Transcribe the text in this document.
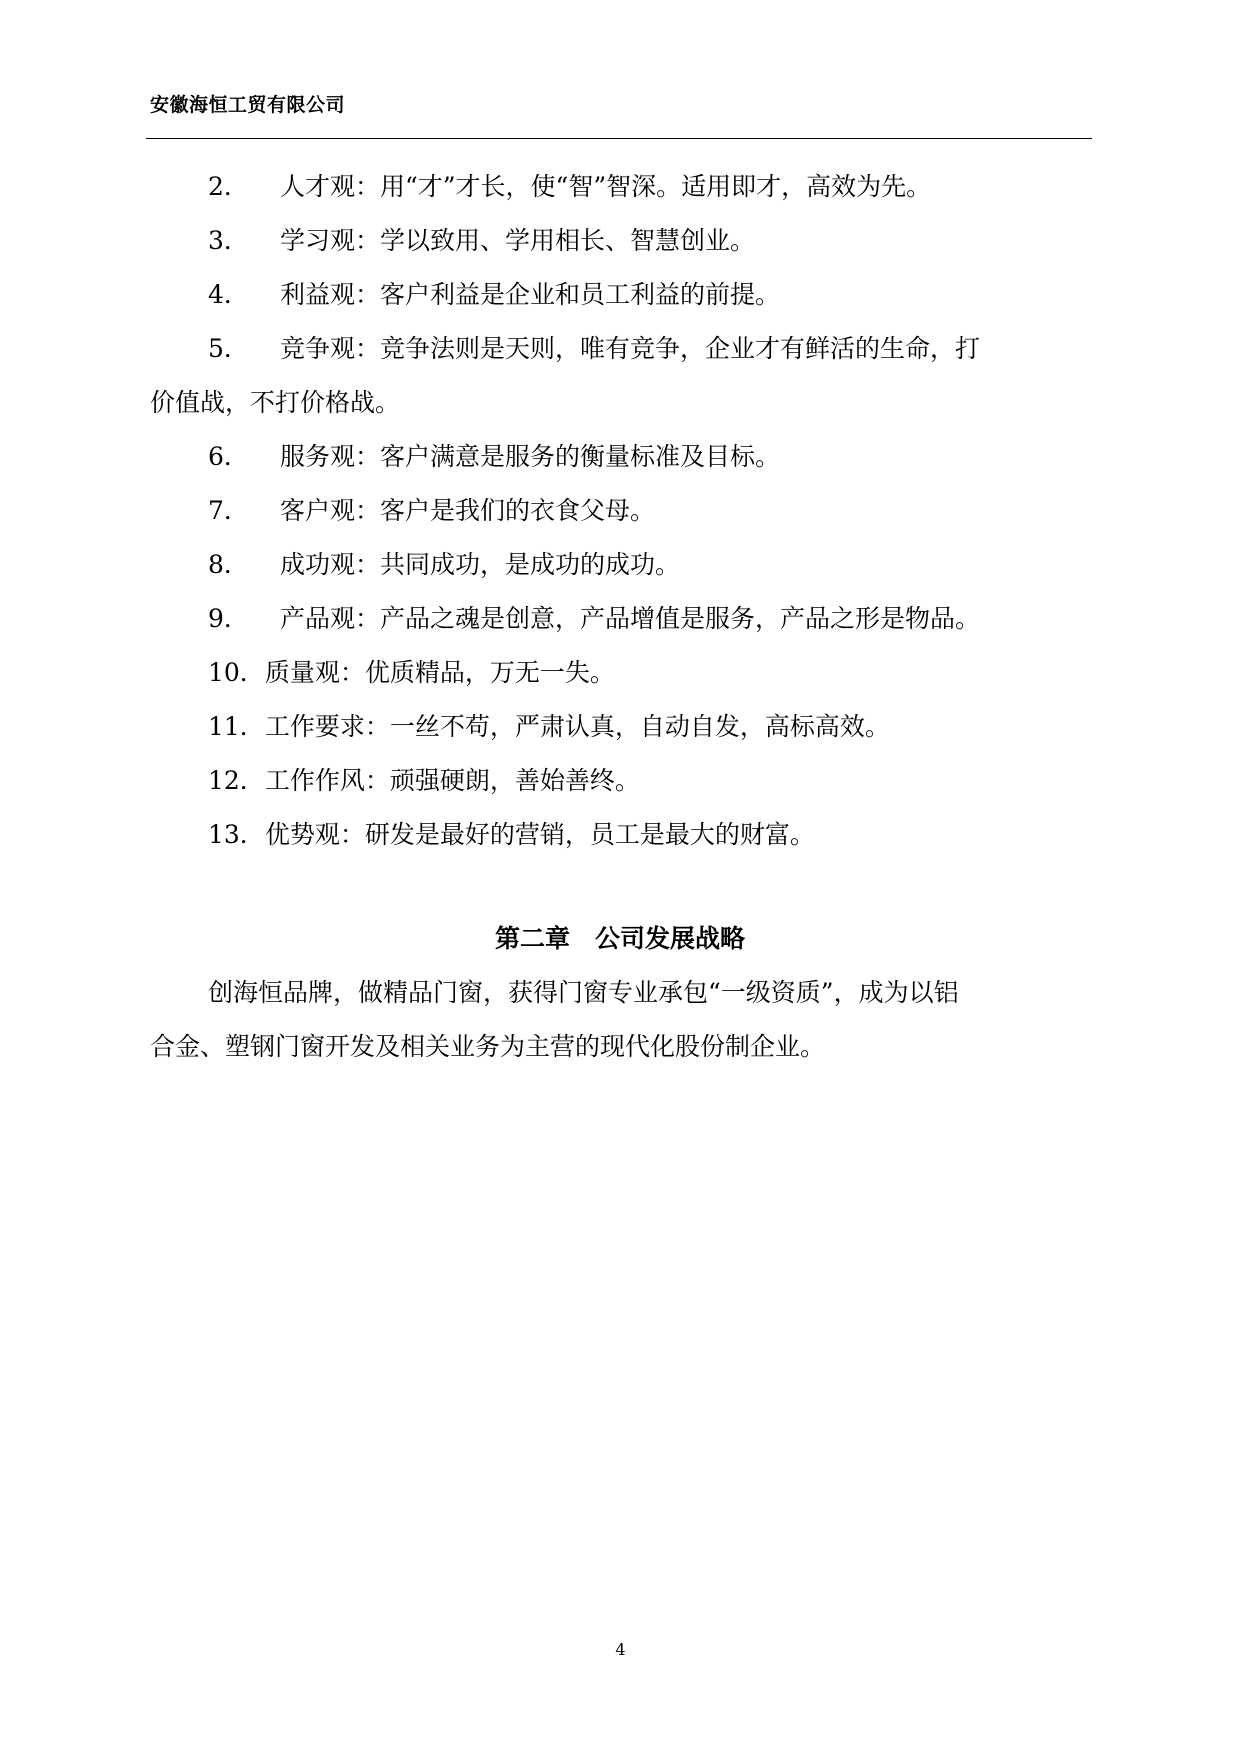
安徽海恒工贸有限公司
2． 人才观：用“才”才长，使“智”智深。适用即才，高效为先。
3． 学习观：学以致用、学用相长、智慧创业。
4． 利益观：客户利益是企业和员工利益的前提。
5． 竞争观：竞争法则是天则，唯有竞争，企业才有鲜活的生命，打
价值战，不打价格战。
6． 服务观：客户满意是服务的衡量标准及目标。
7． 客户观：客户是我们的衣食父母。
8． 成功观：共同成功，是成功的成功。
9． 产品观：产品之魂是创意，产品增值是服务，产品之形是物品。
10．质量观：优质精品，万无一失。
11．工作要求：一丝不苟，严肃认真，自动自发，高标高效。
12．工作作风：顽强硬朗，善始善终。
13．优势观：研发是最好的营销，员工是最大的财富。
第二章　公司发展战略
创海恒品牌，做精品门窗，获得门窗专业承包“一级资质”，成为以铝
合金、塑钢门窗开发及相关业务为主营的现代化股份制企业。
4
